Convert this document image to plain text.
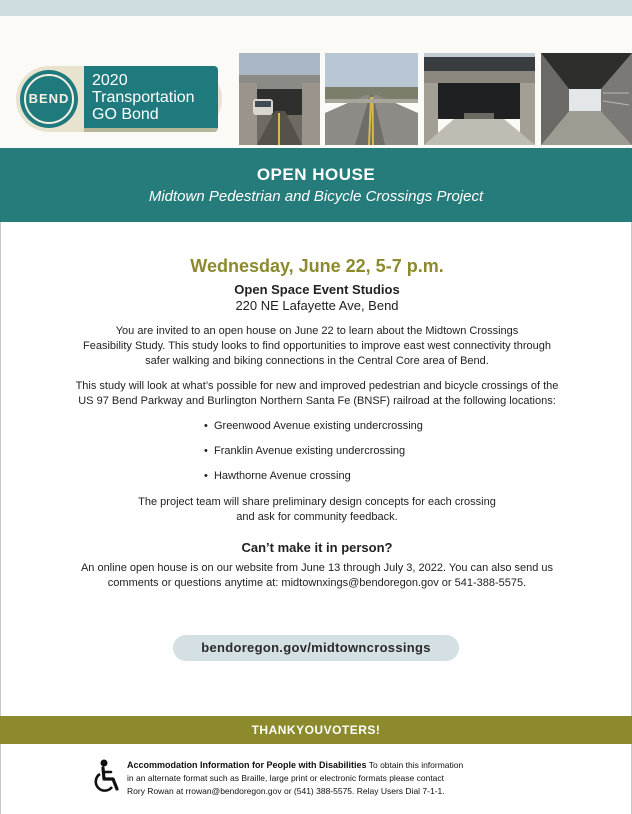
BEND
2020
Transportation
GO Bond
OPEN HOUSE
Midtown Pedestrian and Bicycle Crossings Project
Wednesday, June 22, 5-7 p.m.
Open Space Event Studios
220 NE Lafayette Ave, Bend
You are invited to an open house on June 22 to learn about the Midtown Crossings
Feasibility Study. This study looks to find opportunities to improve east west connectivity through
safer walking and biking connections in the Central Core area of Bend.
This study will look at what’s possible for new and improved pedestrian and bicycle crossings of the
US 97 Bend Parkway and Burlington Northern Santa Fe (BNSF) railroad at the following locations:
•  Greenwood Avenue existing undercrossing
•  Franklin Avenue existing undercrossing
•  Hawthorne Avenue crossing
The project team will share preliminary design concepts for each crossing
and ask for community feedback.
Can’t make it in person?
An online open house is on our website from June 13 through July 3, 2022. You can also send us
comments or questions anytime at: midtownxings@bendoregon.gov or 541-388-5575.
bendoregon.gov/midtowncrossings
THANKYOUVOTERS!
Accommodation Information for People with Disabilities To obtain this information
in an alternate format such as Braille, large print or electronic formats please contact
Rory Rowan at rrowan@bendoregon.gov or (541) 388-5575. Relay Users Dial 7-1-1.
